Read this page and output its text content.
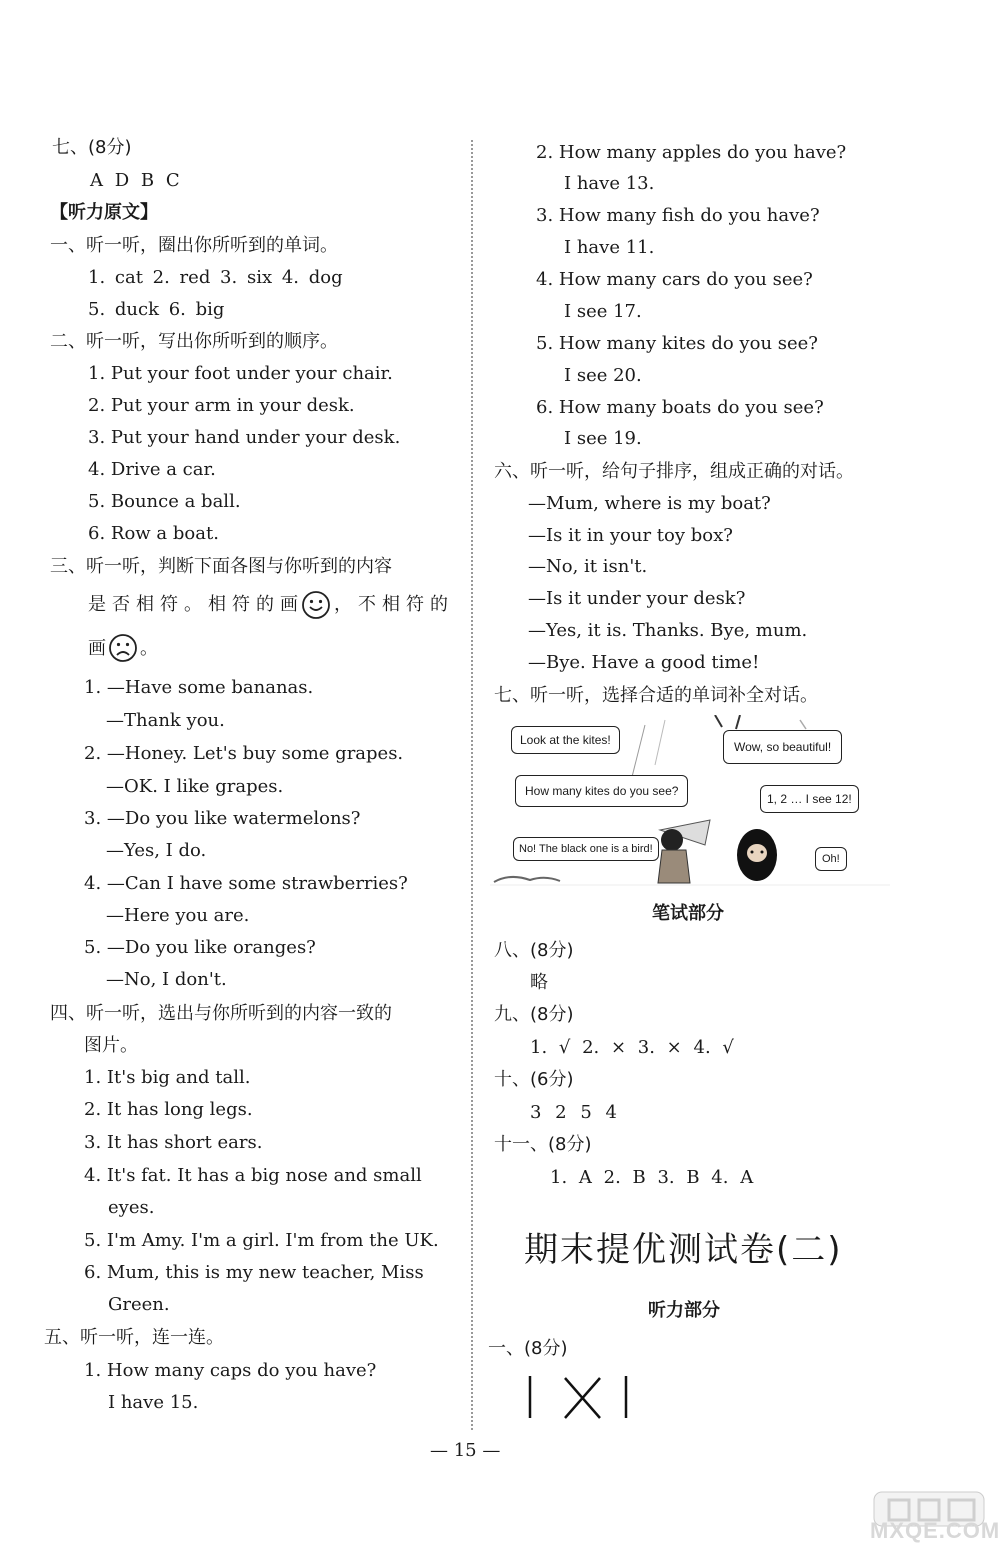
七、(8分)
A D B C
【听力原文】
一、听一听，圈出你所听到的单词。
1. cat 2. red 3. six 4. dog
5. duck 6. big
二、听一听，写出你所听到的顺序。
1. Put your foot under your chair.
2. Put your arm in your desk.
3. Put your hand under your desk.
4. Drive a car.
5. Bounce a ball.
6. Row a boat.
三、听一听，判断下面各图与你听到的内容
是否相符。相符的画 ，不相符的
画 。
1. —Have some bananas.
—Thank you.
2. —Honey. Let's buy some grapes.
—OK. I like grapes.
3. —Do you like watermelons?
—Yes, I do.
4. —Can I have some strawberries?
—Here you are.
5. —Do you like oranges?
—No, I don't.
四、听一听，选出与你所听到的内容一致的
图片。
1. It's big and tall.
2. It has long legs.
3. It has short ears.
4. It's fat. It has a big nose and small
eyes.
5. I'm Amy. I'm a girl. I'm from the UK.
6. Mum, this is my new teacher, Miss
Green.
五、听一听，连一连。
1. How many caps do you have?
I have 15.
2. How many apples do you have?
I have 13.
3. How many fish do you have?
I have 11.
4. How many cars do you see?
I see 17.
5. How many kites do you see?
I see 20.
6. How many boats do you see?
I see 19.
六、听一听，给句子排序，组成正确的对话。
—Mum, where is my boat?
—Is it in your toy box?
—No, it isn't.
—Is it under your desk?
—Yes, it is. Thanks. Bye, mum.
—Bye. Have a good time!
七、听一听，选择合适的单词补全对话。
Look at the kites!	Wow, so beautiful!
How many kites do you see?
1, 2 … I see 12!
No! The black one is a bird!
Oh!
笔试部分
八、(8分)
略
九、(8分)
1. √ 2. × 3. × 4. √
十、(6分)
3 2 5 4
十一、(8分)
1. A 2. B 3. B 4. A
期末提优测试卷(二)
听力部分
一、(8分)
— 15 —
MXQE.COM
